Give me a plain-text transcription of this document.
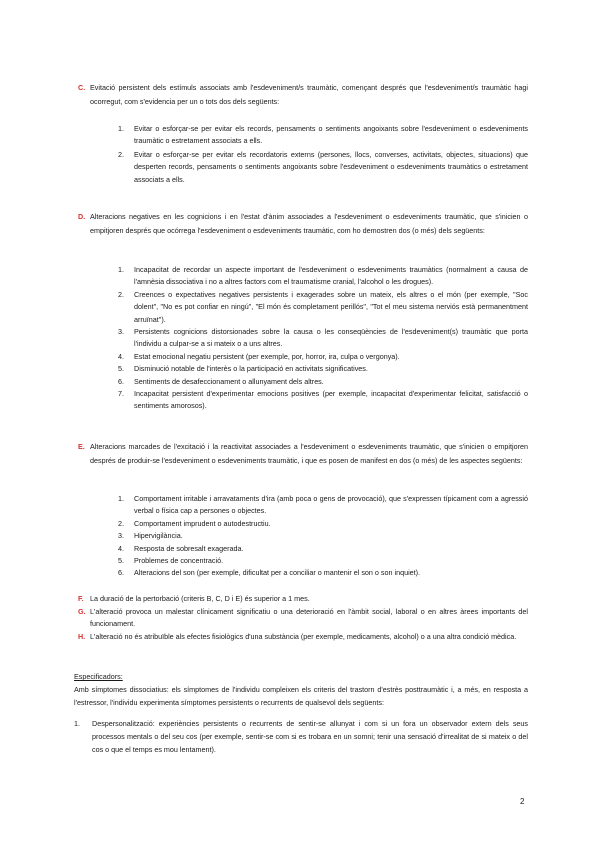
C. Evitació persistent dels estímuls associats amb l'esdeveniment/s traumàtic, començant després que l'esdeveniment/s traumàtic hagi ocorregut, com s'evidencia per un o tots dos dels següents:
1. Evitar o esforçar-se per evitar els records, pensaments o sentiments angoixants sobre l'esdeveniment o esdeveniments traumàtic o estretament associats a ells.
2. Evitar o esforçar-se per evitar els recordatoris externs (persones, llocs, converses, activitats, objectes, situacions) que desperten records, pensaments o sentiments angoixants sobre l'esdeveniment o esdeveniments traumàtics o estretament associats a ells.
D. Alteracions negatives en les cognicions i en l'estat d'ànim associades a l'esdeveniment o esdeveniments traumàtic, que s'inicien o empitjoren després que ocórrega l'esdeveniment o esdeveniments traumàtic, com ho demostren dos (o més) dels següents:
1. Incapacitat de recordar un aspecte important de l'esdeveniment o esdeveniments traumàtics (normalment a causa de l'amnèsia dissociativa i no a altres factors com el traumatisme cranial, l'alcohol o les drogues).
2. Creences o expectatives negatives persistents i exagerades sobre un mateix, els altres o el món (per exemple, "Soc dolent", "No es pot confiar en ningú", "El món és completament perillós", "Tot el meu sistema nerviós està permanentment arruïnat").
3. Persistents cognicions distorsionades sobre la causa o les conseqüències de l'esdeveniment(s) traumàtic que porta l'individu a culpar-se a si mateix o a uns altres.
4. Estat emocional negatiu persistent (per exemple, por, horror, ira, culpa o vergonya).
5. Disminució notable de l'interès o la participació en activitats significatives.
6. Sentiments de desafeccionament o allunyament dels altres.
7. Incapacitat persistent d'experimentar emocions positives (per exemple, incapacitat d'experimentar felicitat, satisfacció o sentiments amorosos).
E. Alteracions marcades de l'excitació i la reactivitat associades a l'esdeveniment o esdeveniments traumàtic, que s'inicien o empitjoren després de produir-se l'esdeveniment o esdeveniments traumàtic, i que es posen de manifest en dos (o més) de les aspectes següents:
1. Comportament irritable i arravataments d'ira (amb poca o gens de provocació), que s'expressen típicament com a agressió verbal o física cap a persones o objectes.
2. Comportament imprudent o autodestructiu.
3. Hipervigilància.
4. Resposta de sobresalt exagerada.
5. Problemes de concentració.
6. Alteracions del son (per exemple, dificultat per a conciliar o mantenir el son o son inquiet).
F. La duració de la pertorbació (criteris B, C, D i E) és superior a 1 mes.
G. L'alteració provoca un malestar clínicament significatiu o una deterioració en l'àmbit social, laboral o en altres àrees importants del funcionament.
H. L'alteració no és atribuïble als efectes fisiològics d'una substància (per exemple, medicaments, alcohol) o a una altra condició mèdica.
Especificadors:
Amb símptomes dissociatius: els símptomes de l'individu compleixen els criteris del trastorn d'estrès posttraumàtic i, a més, en resposta a l'estressor, l'individu experimenta símptomes persistents o recurrents de qualsevol dels següents:
1. Despersonalització: experiències persistents o recurrents de sentir-se allunyat i com si un fora un observador extern dels seus processos mentals o del seu cos (per exemple, sentir-se com si es trobara en un somni; tenir una sensació d'irrealitat de si mateix o del cos o que el temps es mou lentament).
2
